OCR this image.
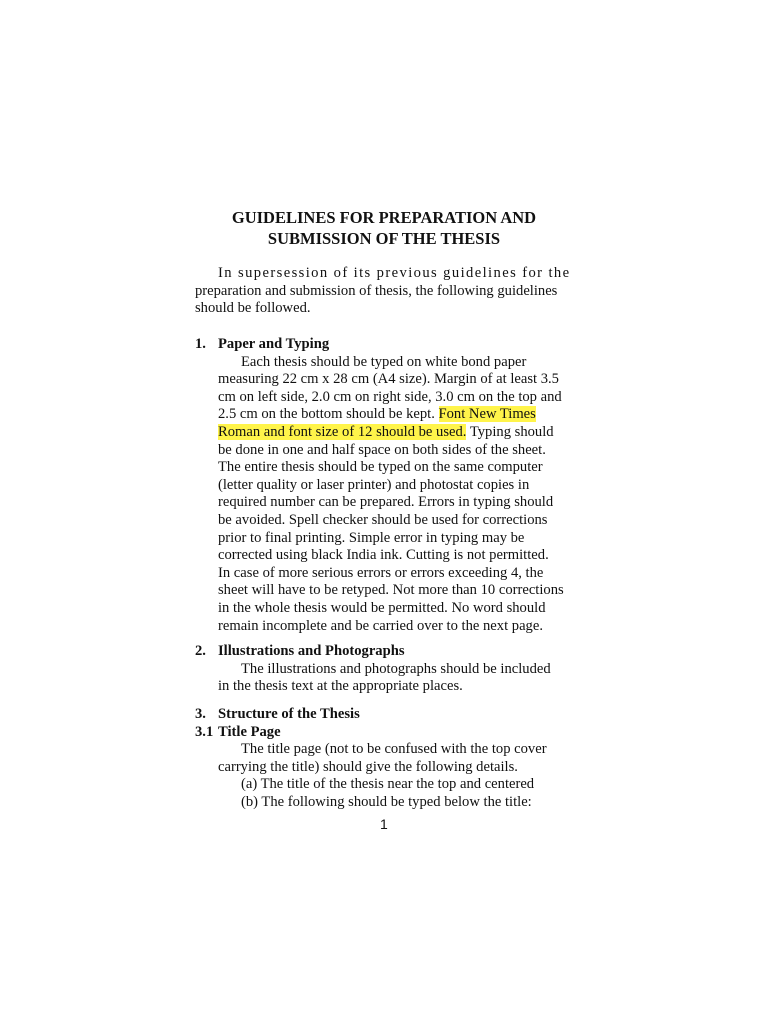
GUIDELINES FOR PREPARATION AND
SUBMISSION OF THE THESIS
In supersession of its previous guidelines for the
preparation and submission of thesis, the following guidelines
should be followed.
1. Paper and Typing
Each thesis should be typed on white bond paper
measuring 22 cm x 28 cm (A4 size). Margin of at least 3.5
cm on left side, 2.0 cm on right side, 3.0 cm on the top and
2.5 cm on the bottom should be kept. Font New Times
Roman and font size of 12 should be used. Typing should
be done in one and half space on both sides of the sheet.
The entire thesis should be typed on the same computer
(letter quality or laser printer) and photostat copies in
required number can be prepared. Errors in typing should
be avoided. Spell checker should be used for corrections
prior to final printing. Simple error in typing may be
corrected using black India ink. Cutting is not permitted.
In case of more serious errors or errors exceeding 4, the
sheet will have to be retyped. Not more than 10 corrections
in the whole thesis would be permitted. No word should
remain incomplete and be carried over to the next page.
2. Illustrations and Photographs
The illustrations and photographs should be included
in the thesis text at the appropriate places.
3. Structure of the Thesis
3.1 Title Page
The title page (not to be confused with the top cover
carrying the title) should give the following details.
(a) The title of the thesis near the top and centered
(b) The following should be typed below the title:
1
